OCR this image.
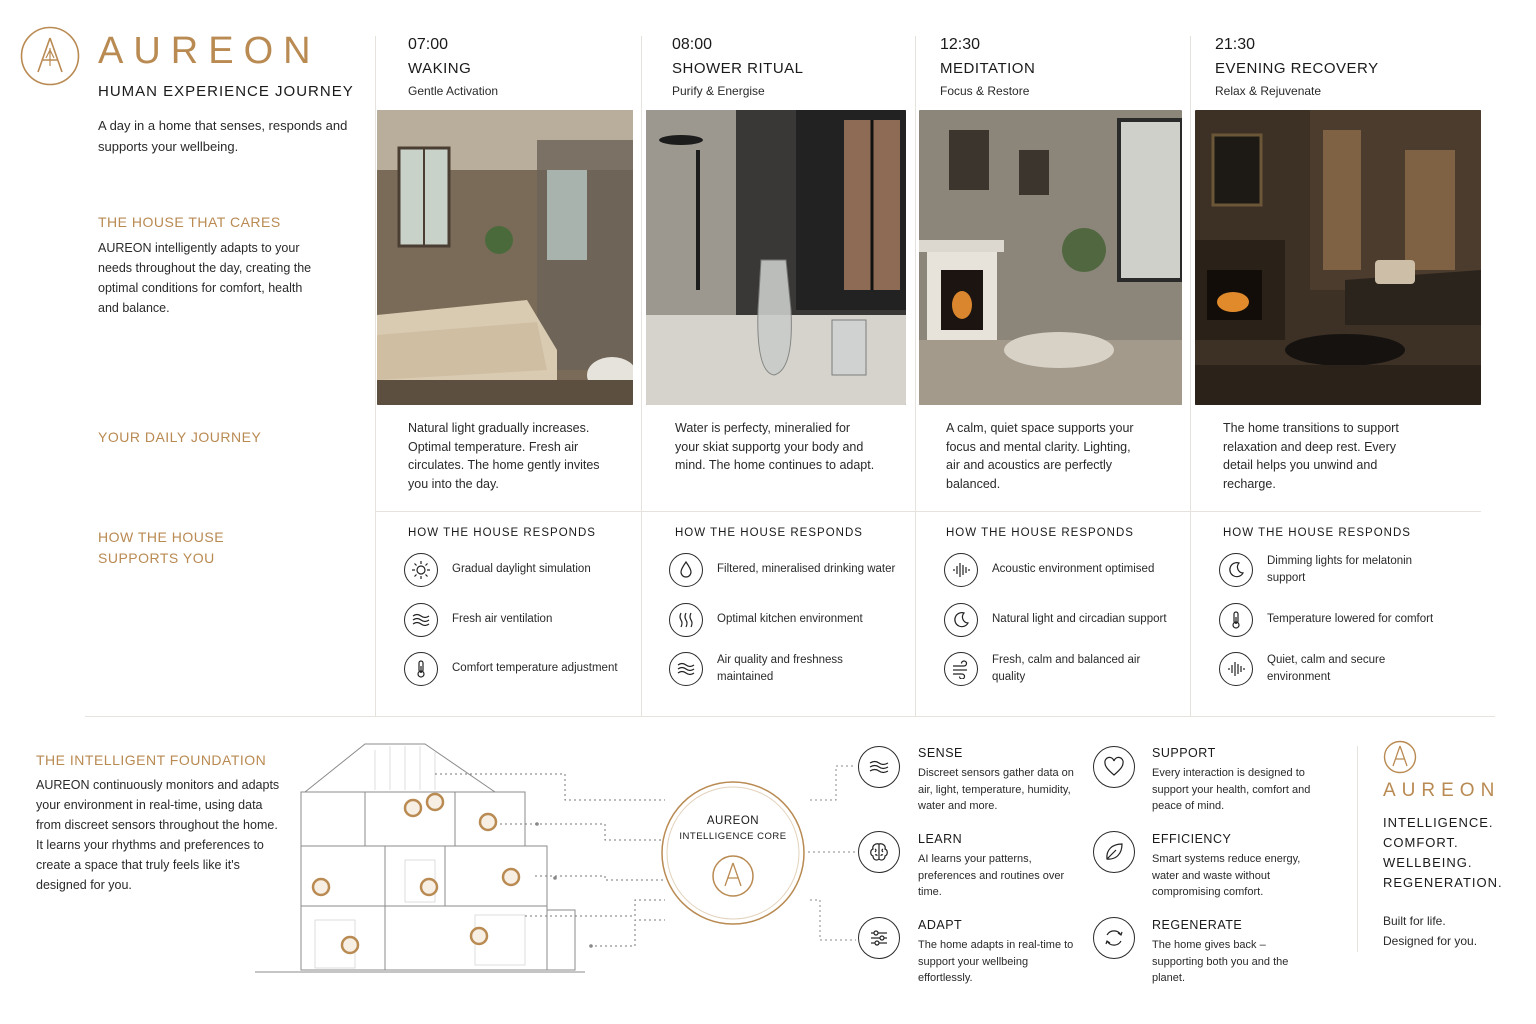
AUREON
HUMAN EXPERIENCE JOURNEY
A day in a home that senses, responds and supports your wellbeing.
THE HOUSE THAT CARES
AUREON intelligently adapts to your needs throughout the day, creating the optimal conditions for comfort, health and balance.
YOUR DAILY JOURNEY
HOW THE HOUSE SUPPORTS YOU
07:00
WAKING
Gentle Activation
Natural light gradually increases. Optimal temperature. Fresh air circulates. The home gently invites you into the day.
HOW THE HOUSE RESPONDS
Gradual daylight simulation
Fresh air ventilation
Comfort temperature adjustment
08:00
SHOWER RITUAL
Purify & Energise
Water is perfecty, mineralied for your skiat supportg your body and mind. The home continues to adapt.
HOW THE HOUSE RESPONDS
Filtered, mineralised drinking water
Optimal kitchen environment
Air quality and freshness maintained
12:30
MEDITATION
Focus & Restore
A calm, quiet space supports your focus and mental clarity. Lighting, air and acoustics are perfectly balanced.
HOW THE HOUSE RESPONDS
Acoustic environment optimised
Natural light and circadian support
Fresh, calm and balanced air quality
21:30
EVENING RECOVERY
Relax & Rejuvenate
The home transitions to support relaxation and deep rest. Every detail helps you unwind and recharge.
HOW THE HOUSE RESPONDS
Dimming lights for melatonin support
Temperature lowered for comfort
Quiet, calm and secure environment
THE INTELLIGENT FOUNDATION
AUREON continuously monitors and adapts your environment in real-time, using data from discreet sensors throughout the home. It learns your rhythms and preferences to create a space that truly feels like it's designed for you.
AUREON
INTELLIGENCE CORE
SENSE
Discreet sensors gather data on air, light, temperature, humidity, water and more.
LEARN
AI learns your patterns, preferences and routines over time.
ADAPT
The home adapts in real-time to support your wellbeing effortlessly.
SUPPORT
Every interaction is designed to support your health, comfort and peace of mind.
EFFICIENCY
Smart systems reduce energy, water and waste without compromising comfort.
REGENERATE
The home gives back – supporting both you and the planet.
AUREON
INTELLIGENCE.
COMFORT.
WELLBEING.
REGENERATION.
Built for life.
Designed for you.
